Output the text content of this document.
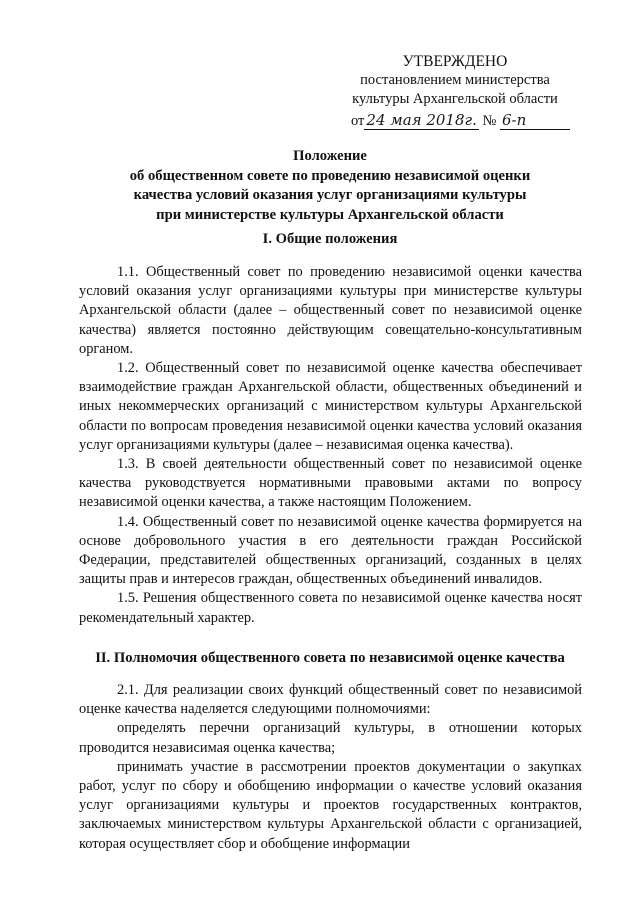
УТВЕРЖДЕНО
постановлением министерства
культуры Архангельской области
от 24 мая 2018г. № 6-п
Положение
об общественном совете по проведению независимой оценки
качества условий оказания услуг организациями культуры
при министерстве культуры Архангельской области
I. Общие положения

1.1. Общественный совет по проведению независимой оценки качества условий оказания услуг организациями культуры при министерстве культуры Архангельской области (далее – общественный совет по независимой оценке качества) является постоянно действующим совещательно-консультативным органом.

1.2. Общественный совет по независимой оценке качества обеспечивает взаимодействие граждан Архангельской области, общественных объединений и иных некоммерческих организаций с министерством культуры Архангельской области по вопросам проведения независимой оценки качества условий оказания услуг организациями культуры (далее – независимая оценка качества).

1.3. В своей деятельности общественный совет по независимой оценке качества руководствуется нормативными правовыми актами по вопросу независимой оценки качества, а также настоящим Положением.

1.4. Общественный совет по независимой оценке качества формируется на основе добровольного участия в его деятельности граждан Российской Федерации, представителей общественных организаций, созданных в целях защиты прав и интересов граждан, общественных объединений инвалидов.

1.5. Решения общественного совета по независимой оценке качества носят рекомендательный характер.

II. Полномочия общественного совета по независимой оценке качества

2.1. Для реализации своих функций общественный совет по независимой оценке качества наделяется следующими полномочиями:

определять перечни организаций культуры, в отношении которых проводится независимая оценка качества;

принимать участие в рассмотрении проектов документации о закупках работ, услуг по сбору и обобщению информации о качестве условий оказания услуг организациями культуры и проектов государственных контрактов, заключаемых министерством культуры Архангельской области с организацией, которая осуществляет сбор и обобщение информации
